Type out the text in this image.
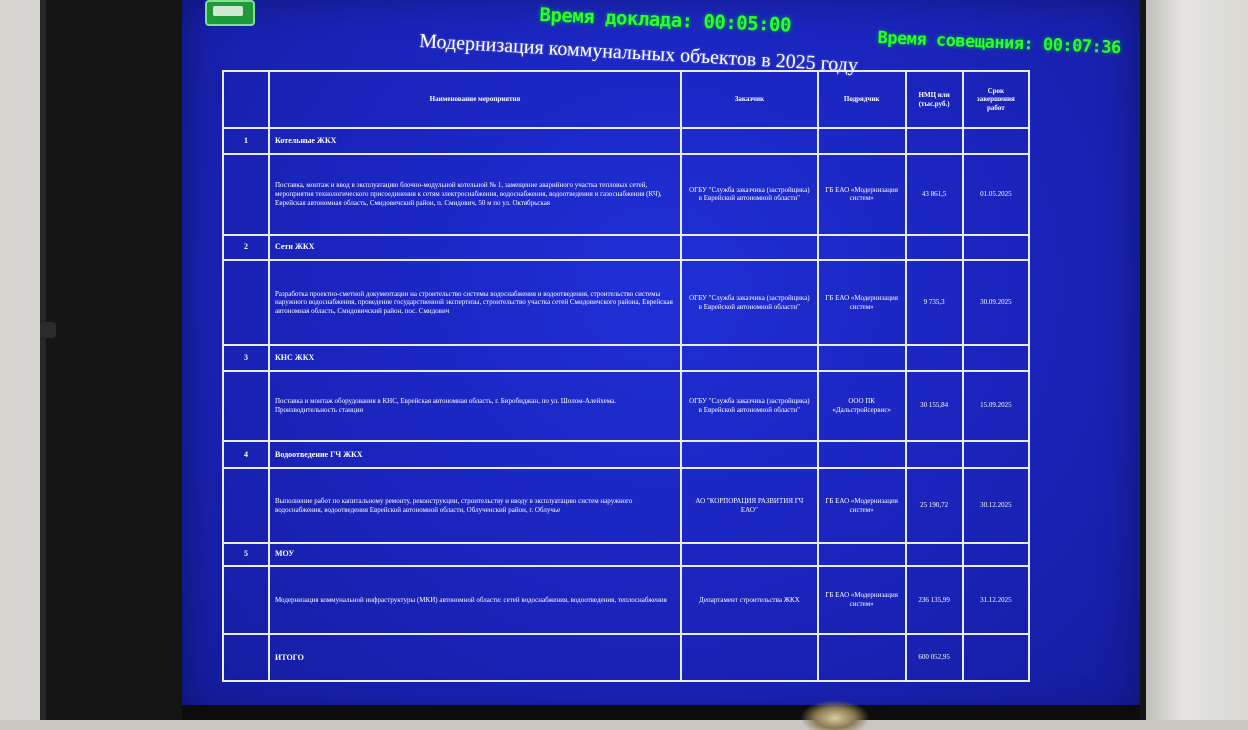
Время доклада: 00:05:00
Время совещания: 00:07:36
Модернизация коммунальных объектов в 2025 году
	Наименование мероприятия	Заказчик	Подрядчик	НМЦ или (тыс.руб.)	Срок завершения работ
1	Котельные ЖКХ				
	Поставка, монтаж и ввод в эксплуатацию блочно-модульной котельной № 1, замещение аварийного участка тепловых сетей, мероприятия технологического присоединения к сетям электроснабжения, водоснабжения, водоотведения и газоснабжения (КЧ), Еврейская автономная область, Смидовичский район, п. Смидович, 50 м по ул. Октябрьская	ОГБУ "Служба заказчика (застройщика) в Еврейской автономной области"	ГБ ЕАО «Модернизация систем»	43 861,5	01.05.2025
2	Сети ЖКХ				
	Разработка проектно-сметной документации на строительство системы водоснабжения и водоотведения, строительство системы наружного водоснабжения, проведение государственной экспертизы, строительство участка сетей Смидовичского района, Еврейская автономная область, Смидовичский район, пос. Смидович	ОГБУ "Служба заказчика (застройщика) в Еврейской автономной области"	ГБ ЕАО «Модернизация систем»	9 735,3	30.09.2025
3	КНС ЖКХ				
	Поставка и монтаж оборудования в КНС, Еврейская автономная область, г. Биробиджан, по ул. Шолом-Алейхема. Производительность станции	ОГБУ "Служба заказчика (застройщика) в Еврейской автономной области"	ООО ПК «Дальстройсервис»	30 155,84	15.09.2025
4	Водоотведение ГЧ ЖКХ				
	Выполнение работ по капитальному ремонту, реконструкции, строительству и вводу в эксплуатацию систем наружного водоснабжения, водоотведения Еврейской автономной области, Облученский район, г. Облучье	АО "КОРПОРАЦИЯ РАЗВИТИЯ ГЧ ЕАО"	ГБ ЕАО «Модернизация систем»	25 190,72	30.12.2025
5	МОУ				
	Модернизация коммунальной инфраструктуры (МКИ) автономной области: сетей водоснабжения, водоотведения, теплоснабжения	Департамент строительства ЖКХ	ГБ ЕАО «Модернизация систем»	236 135,99	31.12.2025
	ИТОГО			600 052,95	
